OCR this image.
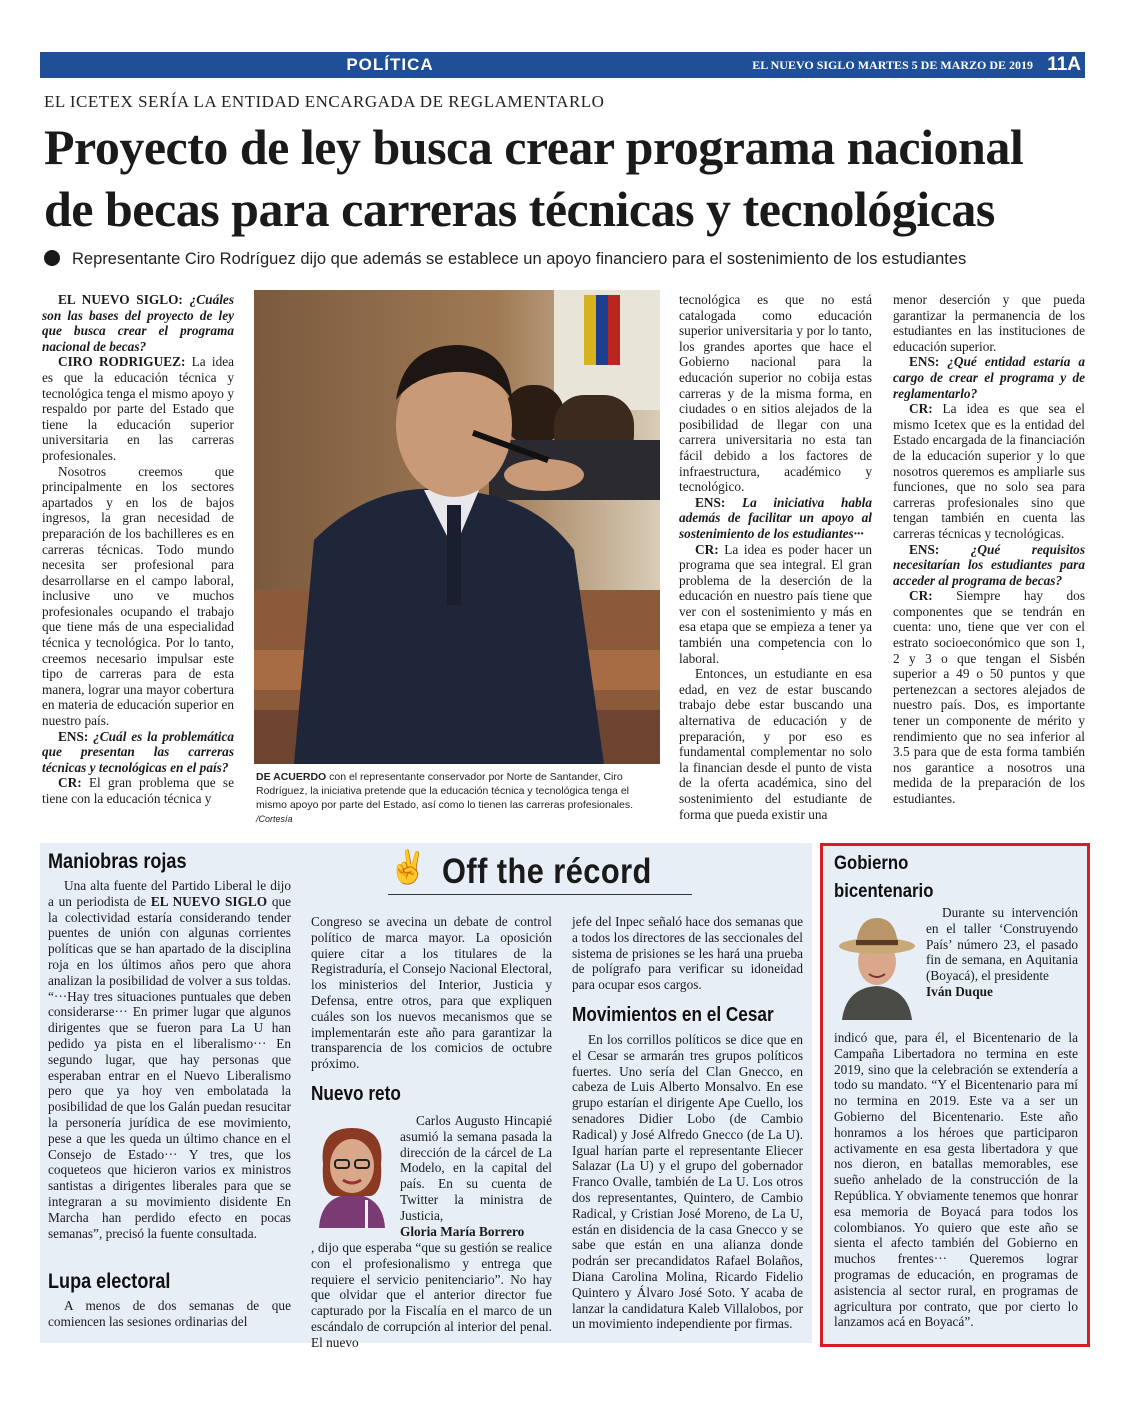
POLÍTICA	EL NUEVO SIGLO MARTES 5 DE MARZO DE 2019 11A
EL ICETEX SERÍA LA ENTIDAD ENCARGADA DE REGLAMENTARLO
Proyecto de ley busca crear programa nacional
de becas para carreras técnicas y tecnológicas
Representante Ciro Rodríguez dijo que además se establece un apoyo financiero para el sostenimiento de los estudiantes

EL NUEVO SIGLO: ¿Cuáles son las bases del proyecto de ley que busca crear el programa nacional de becas?

CIRO RODRIGUEZ: La idea es que la educación técnica y tecnológica tenga el mismo apoyo y respaldo por parte del Estado que tiene la educación superior universitaria en las carreras profesionales.

Nosotros creemos que principalmente en los sectores apartados y en los de bajos ingresos, la gran necesidad de preparación de los bachilleres es en carreras técnicas. Todo mundo necesita ser profesional para desarrollarse en el campo laboral, inclusive uno ve muchos profesionales ocupando el trabajo que tiene más de una especialidad técnica y tecnológica. Por lo tanto, creemos necesario impulsar este tipo de carreras para de esta manera, lograr una mayor cobertura en materia de educación superior en nuestro país.

ENS: ¿Cuál es la problemática que presentan las carreras técnicas y tecnológicas en el país?

CR: El gran problema que se tiene con la educación técnica y

DE ACUERDO con el representante conservador por Norte de Santander, Ciro Rodríguez, la iniciativa pretende que la educación técnica y tecnológica tenga el mismo apoyo por parte del Estado, así como lo tienen las carreras profesionales. /Cortesía

tecnológica es que no está catalogada como educación superior universitaria y por lo tanto, los grandes aportes que hace el Gobierno nacional para la educación superior no cobija estas carreras y de la misma forma, en ciudades o en sitios alejados de la posibilidad de llegar con una carrera universitaria no esta tan fácil debido a los factores de infraestructura, académico y tecnológico.

ENS: La iniciativa habla además de facilitar un apoyo al sostenimiento de los estudiantes···

CR: La idea es poder hacer un programa que sea integral. El gran problema de la deserción de la educación en nuestro país tiene que ver con el sostenimiento y más en esa etapa que se empieza a tener ya también una competencia con lo laboral.

Entonces, un estudiante en esa edad, en vez de estar buscando trabajo debe estar buscando una alternativa de educación y de preparación, y por eso es fundamental complementar no solo la financian desde el punto de vista de la oferta académica, sino del sostenimiento del estudiante de forma que pueda existir una

menor deserción y que pueda garantizar la permanencia de los estudiantes en las instituciones de educación superior.

ENS: ¿Qué entidad estaría a cargo de crear el programa y de reglamentarlo?

CR: La idea es que sea el mismo Icetex que es la entidad del Estado encargada de la financiación de la educación superior y lo que nosotros queremos es ampliarle sus funciones, que no solo sea para carreras profesionales sino que tengan también en cuenta las carreras técnicas y tecnológicas.

ENS: ¿Qué requisitos necesitarían los estudiantes para acceder al programa de becas?

CR: Siempre hay dos componentes que se tendrán en cuenta: uno, tiene que ver con el estrato socioeconómico que son 1, 2 y 3 o que tengan el Sisbén superior a 49 o 50 puntos y que pertenezcan a sectores alejados de nuestro país. Dos, es importante tener un componente de mérito y rendimiento que no sea inferior al 3.5 para que de esta forma también nos garantice a nosotros una medida de la preparación de los estudiantes.

✌ Off the récord
Maniobras rojas

Una alta fuente del Partido Liberal le dijo a un periodista de EL NUEVO SIGLO que la colectividad estaría considerando tender puentes de unión con algunas corrientes políticas que se han apartado de la disciplina roja en los últimos años pero que ahora analizan la posibilidad de volver a sus toldas. “···Hay tres situaciones puntuales que deben considerarse··· En primer lugar que algunos dirigentes que se fueron para La U han pedido ya pista en el liberalismo··· En segundo lugar, que hay personas que esperaban entrar en el Nuevo Liberalismo pero que ya hoy ven embolatada la posibilidad de que los Galán puedan resucitar la personería jurídica de ese movimiento, pese a que les queda un último chance en el Consejo de Estado··· Y tres, que los coqueteos que hicieron varios ex ministros santistas a dirigentes liberales para que se integraran a su movimiento disidente En Marcha han perdido efecto en pocas semanas”, precisó la fuente consultada.

Lupa electoral

A menos de dos semanas de que comiencen las sesiones ordinarias del

Congreso se avecina un debate de control político de marca mayor. La oposición quiere citar a los titulares de la Registraduría, el Consejo Nacional Electoral, los ministerios del Interior, Justicia y Defensa, entre otros, para que expliquen cuáles son los nuevos mecanismos que se implementarán este año para garantizar la transparencia de los comicios de octubre próximo.

Nuevo reto

Carlos Augusto Hincapié asumió la semana pasada la dirección de la cárcel de La Modelo, en la capital del país. En su cuenta de Twitter la ministra de Justicia,

Gloria María Borrero

, dijo que esperaba “que su gestión se realice con el profesionalismo y entrega que requiere el servicio penitenciario”. No hay que olvidar que el anterior director fue capturado por la Fiscalía en el marco de un escándalo de corrupción al interior del penal. El nuevo

jefe del Inpec señaló hace dos semanas que a todos los directores de las seccionales del sistema de prisiones se les hará una prueba de polígrafo para verificar su idoneidad para ocupar esos cargos.

Movimientos en el Cesar

En los corrillos políticos se dice que en el Cesar se armarán tres grupos políticos fuertes. Uno sería del Clan Gnecco, en cabeza de Luis Alberto Monsalvo. En ese grupo estarían el dirigente Ape Cuello, los senadores Didier Lobo (de Cambio Radical) y José Alfredo Gnecco (de La U). Igual harían parte el representante Eliecer Salazar (La U) y el grupo del gobernador Franco Ovalle, también de La U. Los otros dos representantes, Quintero, de Cambio Radical, y Cristian José Moreno, de La U, están en disidencia de la casa Gnecco y se sabe que están en una alianza donde podrán ser precandidatos Rafael Bolaños, Diana Carolina Molina, Ricardo Fidelio Quintero y Álvaro José Soto. Y acaba de lanzar la candidatura Kaleb Villalobos, por un movimiento independiente por firmas.

Gobierno
bicentenario

Durante su intervención en el taller ‘Construyendo País’ número 23, el pasado fin de semana, en Aquitania (Boyacá), el presidente

Iván Duque

indicó que, para él, el Bicentenario de la Campaña Libertadora no termina en este 2019, sino que la celebración se extendería a todo su mandato. “Y el Bicentenario para mí no termina en 2019. Este va a ser un Gobierno del Bicentenario. Este año honramos a los héroes que participaron activamente en esa gesta libertadora y que nos dieron, en batallas memorables, ese sueño anhelado de la construcción de la República. Y obviamente tenemos que honrar esa memoria de Boyacá para todos los colombianos. Yo quiero que este año se sienta el afecto también del Gobierno en muchos frentes··· Queremos lograr programas de educación, en programas de asistencia al sector rural, en programas de agricultura por contrato, que por cierto lo lanzamos acá en Boyacá”.
